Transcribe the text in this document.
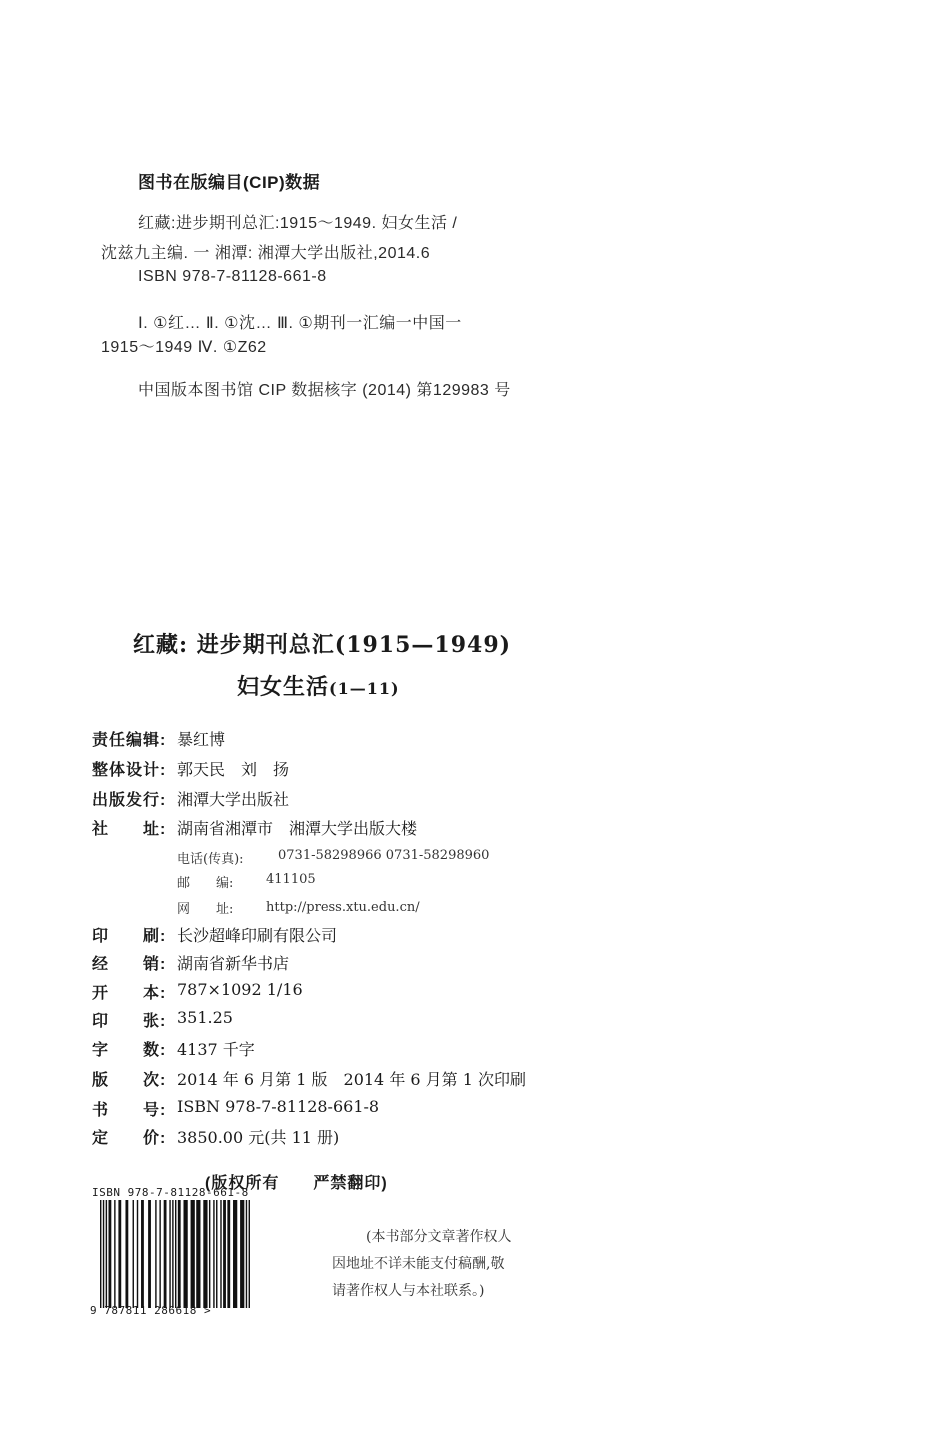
图书在版编目(CIP)数据
红藏:进步期刊总汇:1915～1949. 妇女生活 /
沈兹九主编. 一 湘潭: 湘潭大学出版社,2014.6
ISBN 978-7-81128-661-8
Ⅰ. ①红… Ⅱ. ①沈… Ⅲ. ①期刊一汇编一中国一
1915～1949 Ⅳ. ①Z62
中国版本图书馆 CIP 数据核字 (2014) 第129983 号
红藏: 进步期刊总汇(1915—1949)
妇女生活(1—11)
责任编辑: 暴红博
整体设计: 郭天民　刘　扬
出版发行: 湘潭大学出版社
社　　址: 湖南省湘潭市　湘潭大学出版大楼
电话(传真):	0731-58298966 0731-58298960
邮　　编:	411105
网　　址:	http://press.xtu.edu.cn/
印　　刷: 长沙超峰印刷有限公司
经　　销: 湖南省新华书店
开　　本: 787×1092 1/16
印　　张: 351.25
字　　数: 4137 千字
版　　次: 2014 年 6 月第 1 版　2014 年 6 月第 1 次印刷
书　　号: ISBN 978-7-81128-661-8
定　　价: 3850.00 元(共 11 册)
(版权所有　　严禁翻印)
ISBN 978-7-81128-661-8
9 787811 286618 >
(本书部分文章著作权人
因地址不详未能支付稿酬,敬
请著作权人与本社联系。)
